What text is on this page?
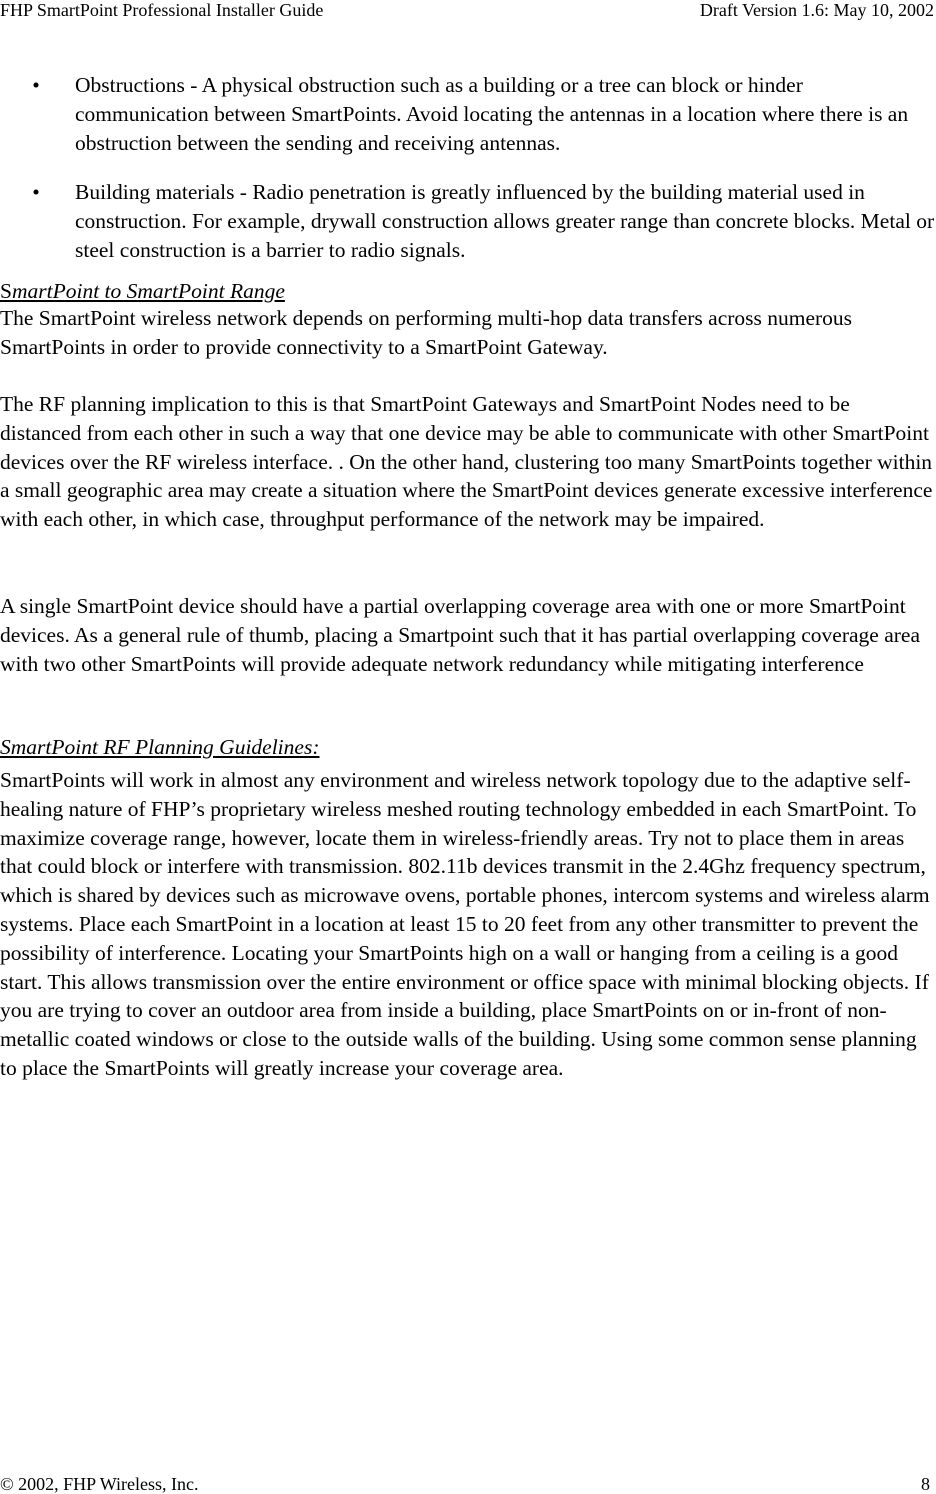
FHP SmartPoint Professional Installer Guide	Draft Version 1.6: May 10, 2002
• Obstructions - A physical obstruction such as a building or a tree can block or hinder communication between SmartPoints. Avoid locating the antennas in a location where there is an obstruction between the sending and receiving antennas.
• Building materials - Radio penetration is greatly influenced by the building material used in construction. For example, drywall construction allows greater range than concrete blocks. Metal or steel construction is a barrier to radio signals.
SmartPoint to SmartPoint Range
The SmartPoint wireless network depends on performing multi-hop data transfers across numerous SmartPoints in order to provide connectivity to a SmartPoint Gateway.
The RF planning implication to this is that SmartPoint Gateways and SmartPoint Nodes need to be distanced from each other in such a way that one device may be able to communicate with other SmartPoint devices over the RF wireless interface. . On the other hand, clustering too many SmartPoints together within a small geographic area may create a situation where the SmartPoint devices generate excessive interference with each other, in which case, throughput performance of the network may be impaired.
A single SmartPoint device should have a partial overlapping coverage area with one or more SmartPoint devices. As a general rule of thumb, placing a Smartpoint such that it has partial overlapping coverage area with two other SmartPoints will provide adequate network redundancy while mitigating interference
SmartPoint RF Planning Guidelines:
SmartPoints will work in almost any environment and wireless network topology due to the adaptive self-healing nature of FHP’s proprietary wireless meshed routing technology embedded in each SmartPoint. To maximize coverage range, however, locate them in wireless-friendly areas. Try not to place them in areas that could block or interfere with transmission. 802.11b devices transmit in the 2.4Ghz frequency spectrum, which is shared by devices such as microwave ovens, portable phones, intercom systems and wireless alarm systems. Place each SmartPoint in a location at least 15 to 20 feet from any other transmitter to prevent the possibility of interference. Locating your SmartPoints high on a wall or hanging from a ceiling is a good start. This allows transmission over the entire environment or office space with minimal blocking objects. If you are trying to cover an outdoor area from inside a building, place SmartPoints on or in-front of non-metallic coated windows or close to the outside walls of the building. Using some common sense planning to place the SmartPoints will greatly increase your coverage area.
© 2002, FHP Wireless, Inc.	8
